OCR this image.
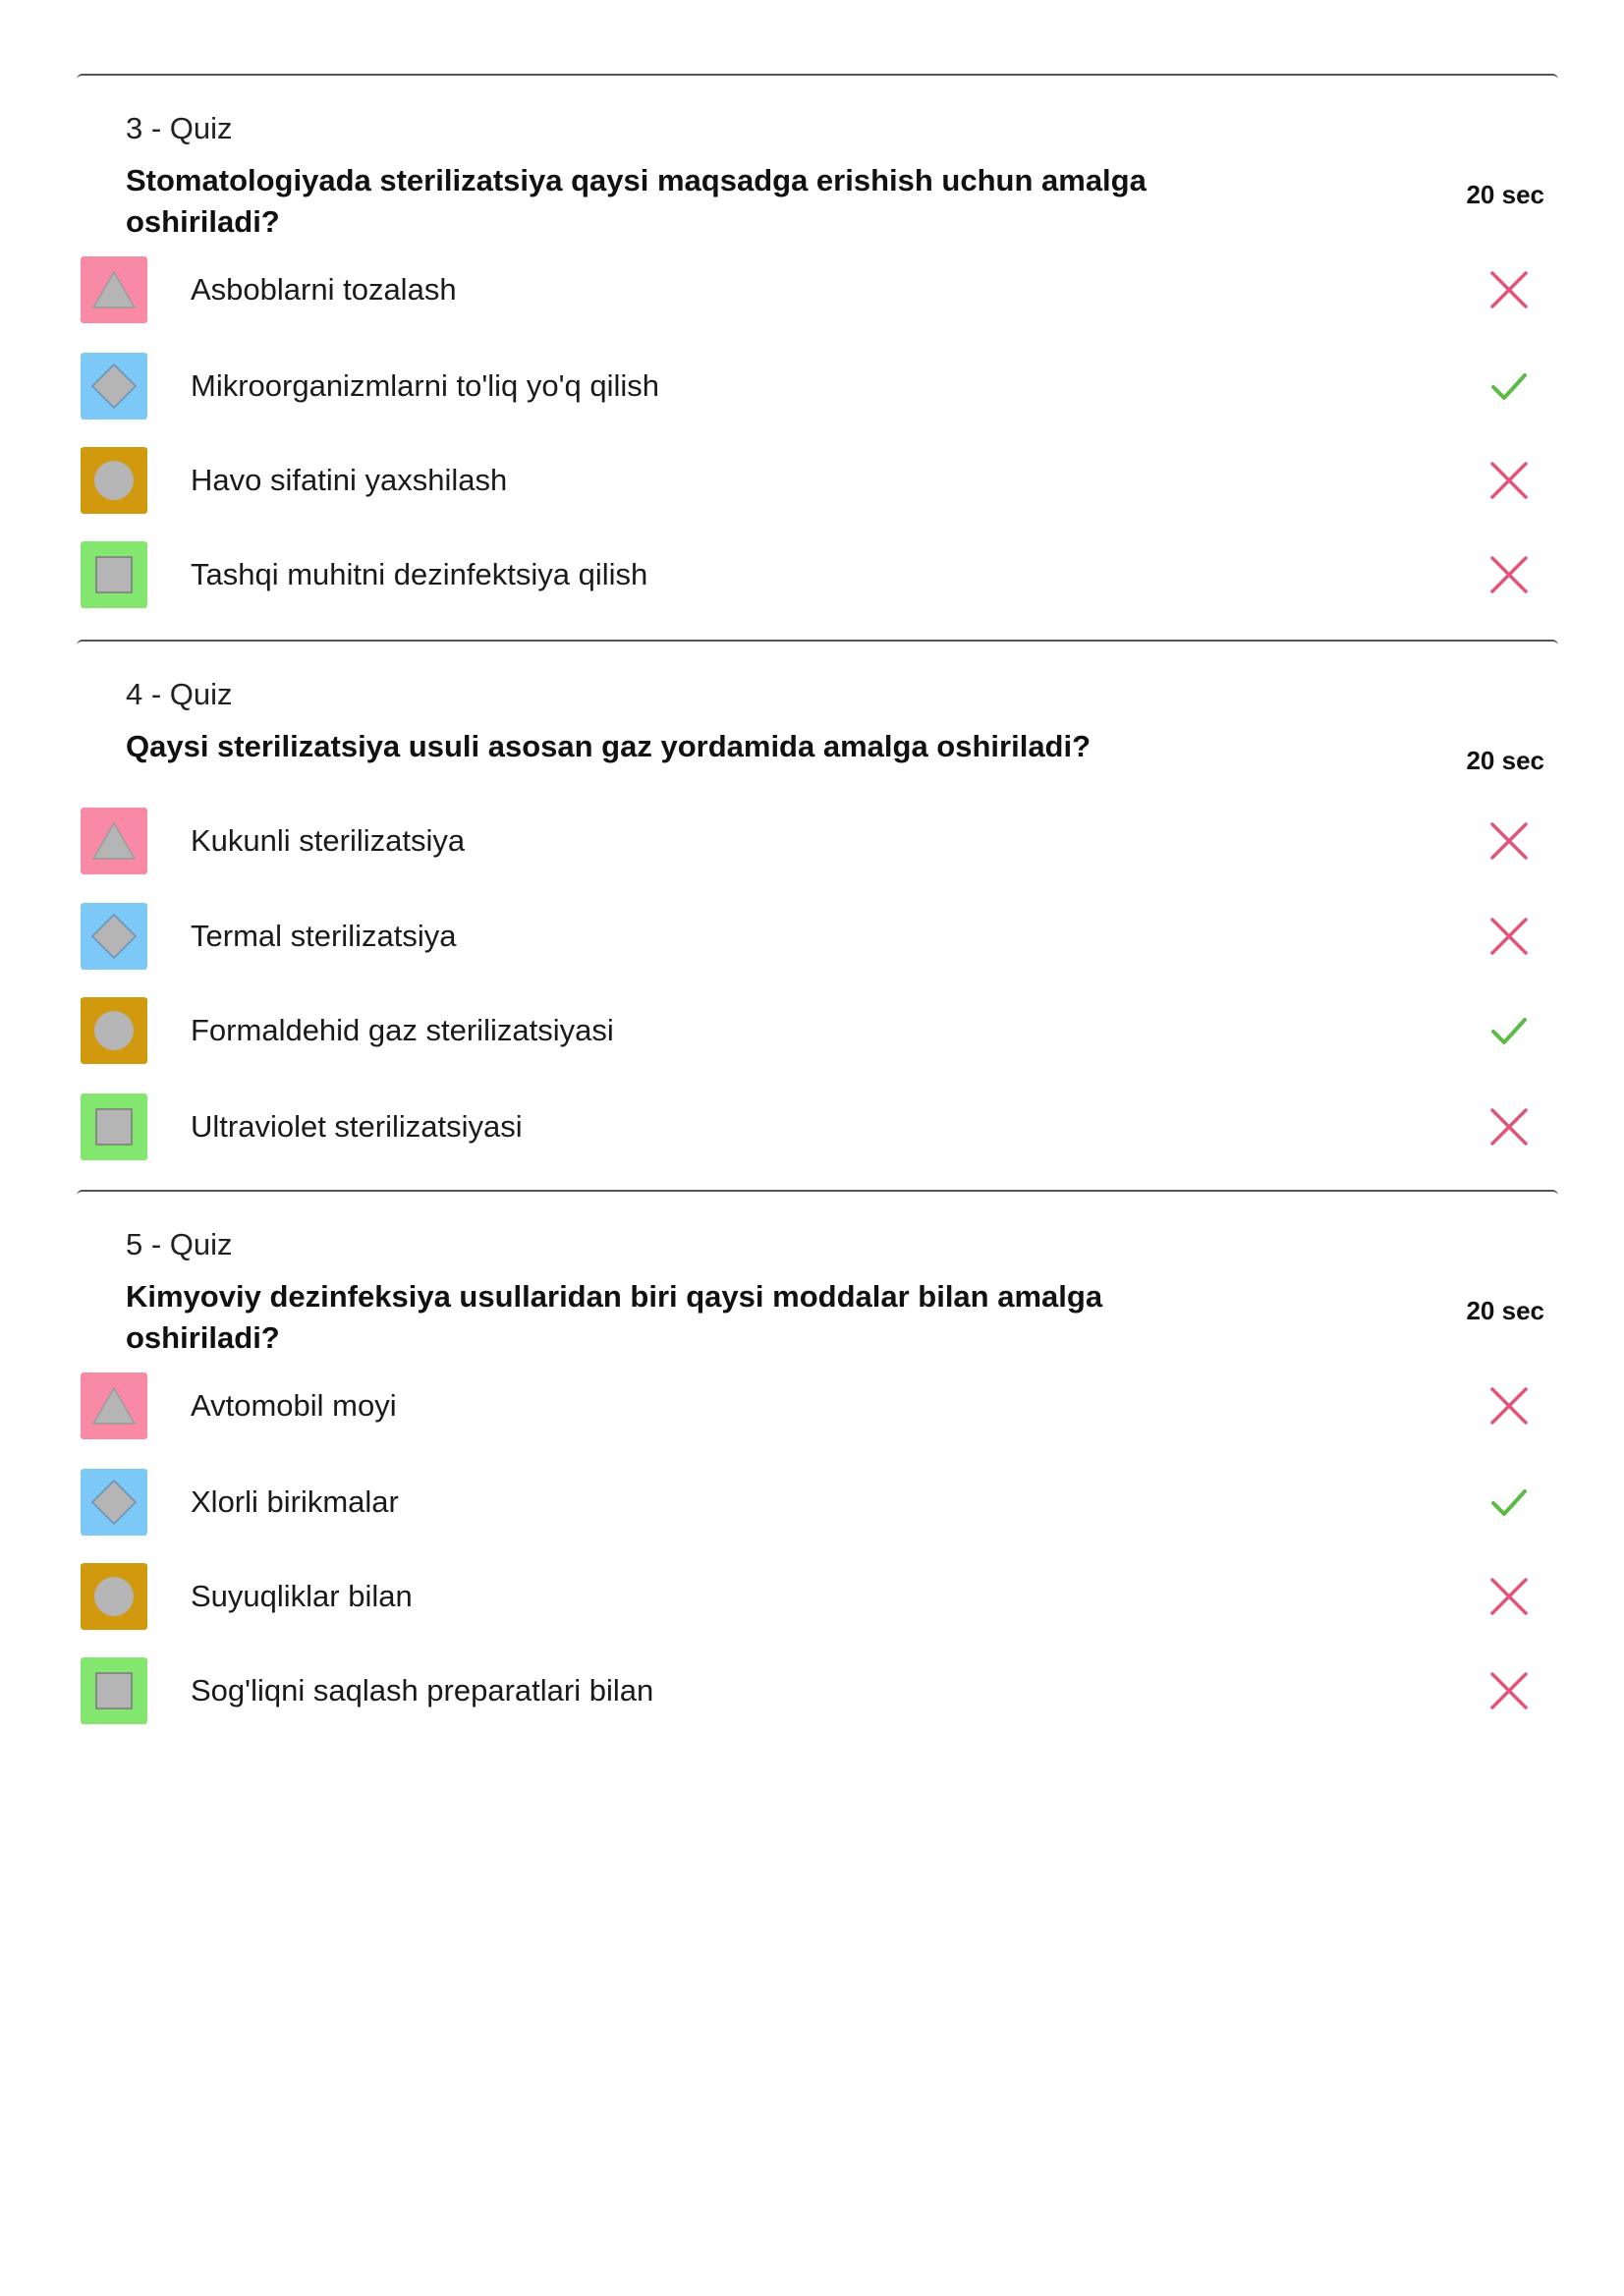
3 - Quiz
Stomatologiyada sterilizatsiya qaysi maqsadga erishish uchun amalga oshiriladi?
20 sec
Asboblarni tozalash
Mikroorganizmlarni to'liq yo'q qilish
Havo sifatini yaxshilash
Tashqi muhitni dezinfektsiya qilish
4 - Quiz
Qaysi sterilizatsiya usuli asosan gaz yordamida amalga oshiriladi?	20 sec
Kukunli sterilizatsiya
Termal sterilizatsiya
Formaldehid gaz sterilizatsiyasi
Ultraviolet sterilizatsiyasi
5 - Quiz
Kimyoviy dezinfeksiya usullaridan biri qaysi moddalar bilan amalga oshiriladi?
20 sec
Avtomobil moyi
Xlorli birikmalar
Suyuqliklar bilan
Sog'liqni saqlash preparatlari bilan
